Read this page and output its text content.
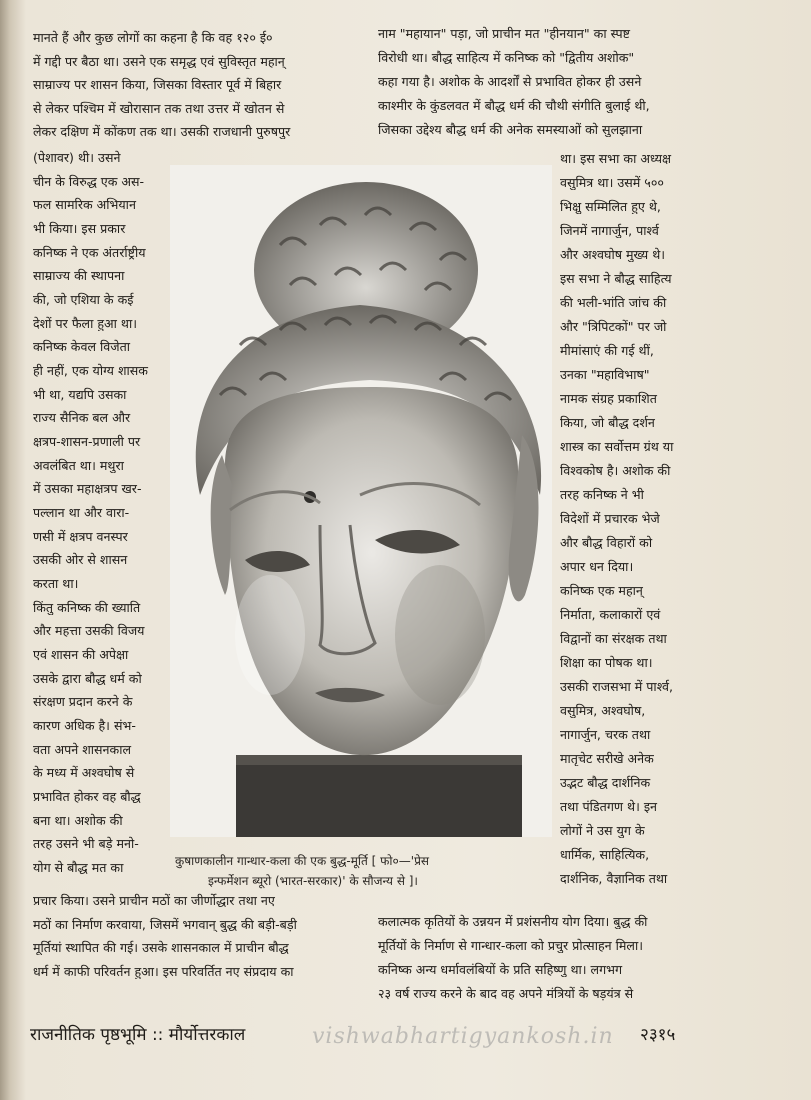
मानते हैं और कुछ लोगों का कहना है कि वह १२० ई०
में गद्दी पर बैठा था। उसने एक समृद्ध एवं सुविस्तृत महान्
साम्राज्य पर शासन किया, जिसका विस्तार पूर्व में बिहार
से लेकर पश्चिम में खोरासान तक तथा उत्तर में खोतन से
लेकर दक्षिण में कोंकण तक था। उसकी राजधानी पुरुषपुर
(पेशावर) थी। उसने
चीन के विरुद्ध एक अस-
फल सामरिक अभियान
भी किया। इस प्रकार
कनिष्क ने एक अंतर्राष्ट्रीय
साम्राज्य की स्थापना
की, जो एशिया के कई
देशों पर फैला हुआ था।
कनिष्क केवल विजेता
ही नहीं, एक योग्य शासक
भी था, यद्यपि उसका
राज्य सैनिक बल और
क्षत्रप-शासन-प्रणाली पर
अवलंबित था। मथुरा
में उसका महाक्षत्रप खर-
पल्लान था और वारा-
णसी में क्षत्रप वनस्पर
उसकी ओर से शासन
करता था।
किंतु कनिष्क की ख्याति
और महत्ता उसकी विजय
एवं शासन की अपेक्षा
उसके द्वारा बौद्ध धर्म को
संरक्षण प्रदान करने के
कारण अधिक है। संभ-
वता अपने शासनकाल
के मध्य में अश्वघोष से
प्रभावित होकर वह बौद्ध
बना था। अशोक की
तरह उसने भी बड़े मनो-
योग से बौद्ध मत का
प्रचार किया। उसने प्राचीन मठों का जीर्णोद्धार तथा नए
मठों का निर्माण करवाया, जिसमें भगवान् बुद्ध की बड़ी-बड़ी
मूर्तियां स्थापित की गई। उसके शासनकाल में प्राचीन बौद्ध
धर्म में काफी परिवर्तन हुआ। इस परिवर्तित नए संप्रदाय का
नाम "महायान" पड़ा, जो प्राचीन मत "हीनयान" का स्पष्ट
विरोधी था। बौद्ध साहित्य में कनिष्क को "द्वितीय अशोक"
कहा गया है। अशोक के आदर्शों से प्रभावित होकर ही उसने
काश्मीर के कुंडलवत में बौद्ध धर्म की चौथी संगीति बुलाई थी,
जिसका उद्देश्य बौद्ध धर्म की अनेक समस्याओं को सुलझाना
था। इस सभा का अध्यक्ष
वसुमित्र था। उसमें ५००
भिक्षु सम्मिलित हुए थे,
जिनमें नागार्जुन, पार्श्व
और अश्वघोष मुख्य थे।
इस सभा ने बौद्ध साहित्य
की भली-भांति जांच की
और "त्रिपिटकों" पर जो
मीमांसाएं की गई थीं,
उनका "महाविभाष"
नामक संग्रह प्रकाशित
किया, जो बौद्ध दर्शन
शास्त्र का सर्वोत्तम ग्रंथ या
विश्वकोष है। अशोक की
तरह कनिष्क ने भी
विदेशों में प्रचारक भेजे
और बौद्ध विहारों को
अपार धन दिया।
कनिष्क एक महान्
निर्माता, कलाकारों एवं
विद्वानों का संरक्षक तथा
शिक्षा का पोषक था।
उसकी राजसभा में पार्श्व,
वसुमित्र, अश्वघोष,
नागार्जुन, चरक तथा
मातृचेट सरीखे अनेक
उद्भट बौद्ध दार्शनिक
तथा पंडितगण थे। इन
लोगों ने उस युग के
धार्मिक, साहित्यिक,
दार्शनिक, वैज्ञानिक तथा
कलात्मक कृतियों के उन्नयन में प्रशंसनीय योग दिया। बुद्ध की
मूर्तियों के निर्माण से गान्धार-कला को प्रचुर प्रोत्साहन मिला।
कनिष्क अन्य धर्मावलंबियों के प्रति सहिष्णु था। लगभग
२३ वर्ष राज्य करने के बाद वह अपने मंत्रियों के षड़यंत्र से
कुषाणकालीन गान्धार-कला की एक बुद्ध-मूर्ति [ फो०—'प्रेस
इन्फर्मेशन ब्यूरो (भारत-सरकार)' के सौजन्य से ]।
राजनीतिक पृष्ठभूमि :: मौर्योत्तरकाल	२३१५
vishwabhartigyankosh.in
